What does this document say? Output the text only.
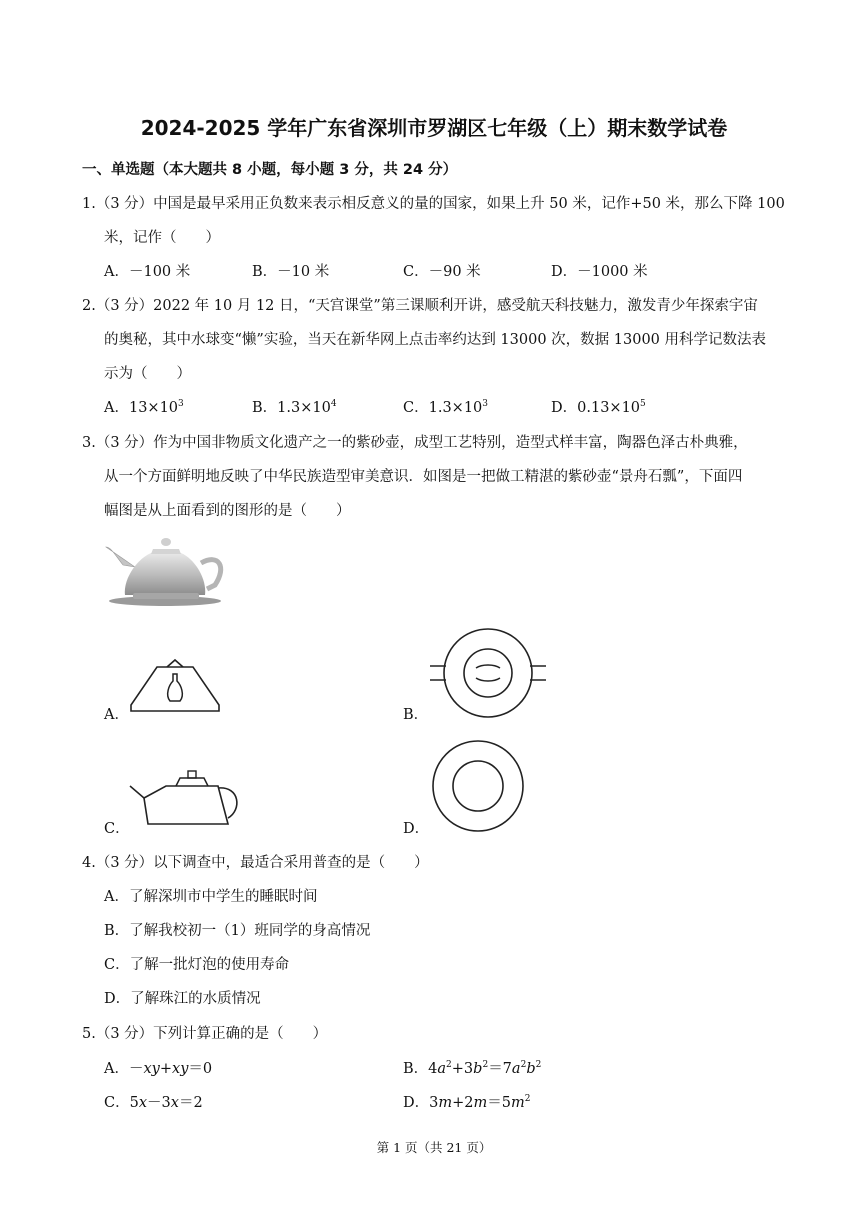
2024-2025 学年广东省深圳市罗湖区七年级（上）期末数学试卷
一、单选题（本大题共 8 小题，每小题 3 分，共 24 分）
1.（3 分）中国是最早采用正负数来表示相反意义的量的国家，如果上升 50 米，记作+50 米，那么下降 100
米，记作（　　）
A．－100 米	B．－10 米	C．－90 米	D．－1000 米
2.（3 分）2022 年 10 月 12 日，“天宫课堂”第三课顺利开讲，感受航天科技魅力，激发青少年探索宇宙
的奥秘，其中水球变“懒”实验，当天在新华网上点击率约达到 13000 次，数据 13000 用科学记数法表
示为（　　）
A．$13\times 10^3$	B．$1.3\times 10^4$	C．$1.3\times 10^3$	D．$0.13\times 10^5$
3.（3 分）作为中国非物质文化遗产之一的紫砂壶，成型工艺特别，造型式样丰富，陶器色泽古朴典雅，
从一个方面鲜明地反映了中华民族造型审美意识．如图是一把做工精湛的紫砂壶“景舟石瓢”，下面四
幅图是从上面看到的图形的是（　　）
A．	B．
C．	D．
4.（3 分）以下调查中，最适合采用普查的是（　　）
A．了解深圳市中学生的睡眠时间
B．了解我校初一（1）班同学的身高情况
C．了解一批灯泡的使用寿命
D．了解珠江的水质情况
5.（3 分）下列计算正确的是（　　）
A．－xy+xy＝0	B．$4a^2+3b^2=7a^2b^2$
C．5x－3x＝2	D．$3m+2m=5m^2$
第 1 页（共 21 页）
